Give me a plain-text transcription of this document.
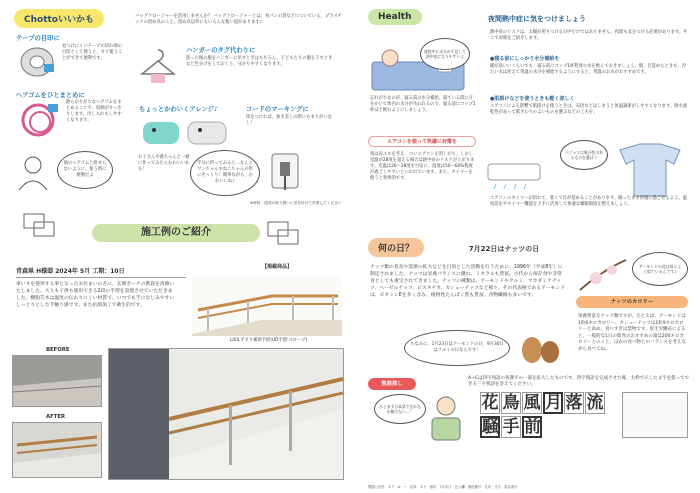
Chottoいいかも	バッグクロージャーを活用しませんか？ バッグクロージャーとは、食パンの袋などについている、プラスチックの留め具のこと。留め具以外にもいろんな使い道があります♪
テープの目印に
見つけにくいテープの切れ端の目印として使うと、すぐ使うことができて便利です。
ヘアゴムをひとまとめに
散らかりがちなヘアゴムをまとめることで、収納がすっきりします。出し入れもしやすくなります。
他のヘアゴムと絡まらないように、使う時に便利だよ
ハンガーのタグ代わりに
洗った後の服をハンガーに吊すときはもちろん、子どもたちの服を干すときなど色分けをしておくと、分かりやすくなります。
ちょっとかわいくアレンジ♪	コードのマーキングに
印をつければ、抜き差しの際にもまちがいなし！
お子さんや孫ちゃんと一緒に作ってみたらかわいいかも！
半分に折ってみると…なんとワンちゃんやねこちゃんの形にそっくり！簡単ながら、かわいいね♪
※材料・道具の取り扱いに気を付けて作業してください
施工例のご紹介
青森県 H様邸 2024年 5月 工期：10日
車いすを使用する事となったお住まいの方に、玄関ポーチの階段を改修いたしました。大人も子供も使用できる2段の手摺を設置させていただきました。樹脂笠木は温度の伝わりにくい材質で、いつでも手になじみやすいしっとりとした手触り感です。また抗菌加工で衛生的です。
【掲載商品】
LIXIL手すり補助手摺(UD手摺:スロープ)
BEFORE
AFTER
Health	夜間熱中症に気をつけましょう
熱中症のリスクは、太陽が照りつける日中だけではありません。夜間も気をつける必要があります。そこで対策をご紹介します。
就寝中に水分が不足して熱中症になりやすいよ
忘れがちなのが、寝る前の水分補給。寝ている間に汗をかいて体内の水分が失われるので、寝る前にコップ1杯ほど飲むようにしましょう。
●寝る前にしっかり水分補給を
暖が高いいくらいでも、寝る前にコップ1杯程度の水を飲んでおきましょう。朝、目覚めたときも、冷たい水は控えて常温の水分を補給するようにすると、常温のお水がおすすめです。
●肌掛けなどを使うときも軽く涼しく
エアコンによる影響で肌掛けを使うときは、布団などはしまうと体温調節がしやすくなります。吸水速乾性があって肌ざわりのよいものを選ぶなどの工夫を。
エアコンを使って快適に対策を
夜は省エネを考え、ついエアコンを消しがち。しかし室温が28度を超える場合は熱中症のリスクが上がります。室温は26～28度を目安に、湿度は50～60%程度が過ごしやすいといわれています。また、タイマーを使うと効果的です。
パジャマは吸汗性のあるものを選ぼう
エアコンのタイマーが切れて、暑くて目が覚めることがあります。眠ったまま快適に過ごせるよう、温度設定やタイマー機能を上手に活用して快適な睡眠環境を整えましょう。
何の日？	7月22日はナッツの日
ナッツ類の普及や需要の拡大などを目的とした活動を行うために、1996年（平成8年）に制定されました。ナッツは栄養バランスに優れ、ミネラルも豊富。古代から保存食や非常食としても重宝されてきました。ナッツの種類は、アーモンドやクルミ、マカダミアナッツ、ヘーゼルナッツ、ピスタチオ、カシューナッツなど様々。その代表格であるアーモンドは、ビタミンEを多く含み、植物性たんぱく質も豊富。食物繊維も多いです。
ちなみに、1月23日はアーモンドの日、9月30日はクルミの日なんです！
アーモンドの花は桜によく似ているんです♪
ナッツのカロリー
栄養豊富なナッツ類ですが、たとえば、アーモンドは1粒6キロカロリー、カシューナッツは1粒9キロカロリーと高め。食べすぎは禁物です。厚生労働省によると、一般的な1日の間食のおすすめの量は200キロカロリーとのこと。ほかの食べ物とのバランスを考えながら食べてね。
熟語探し
A~Cは四字熟語の各漢字の一部を拡大したものです。四字熟語を完成させた後、太枠で示した文字を使ってできる三字熟語を答えてください。
ひとまず日本語でなかなか解けない…！	花 鳥 風 月 落 流
騒 手 前
問題に回答：あり　A：ハ　応募：あり　締切：7月末日　記入欄：郵便番号・住所・氏名・電話番号
